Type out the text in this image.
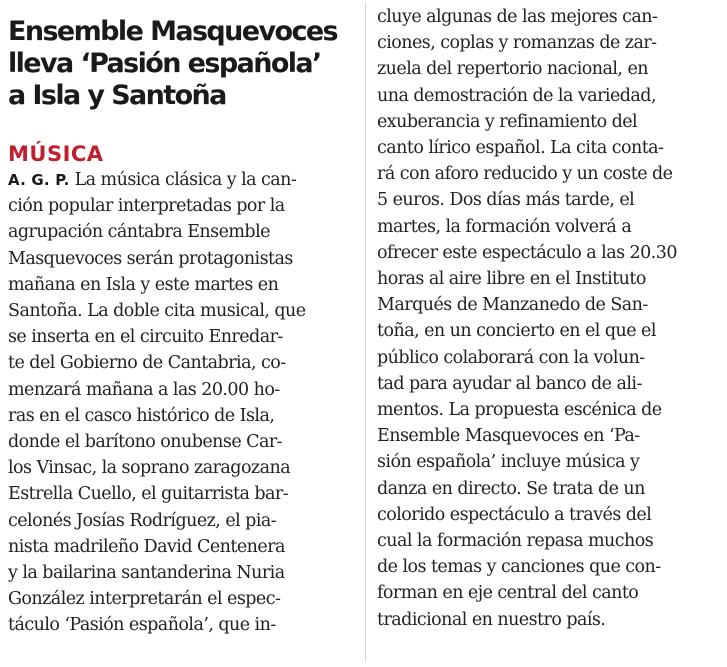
Ensemble Masquevoces
lleva ‘Pasión española’
a Isla y Santoña
MÚSICA
A. G. P. La música clásica y la can-
ción popular interpretadas por la
agrupación cántabra Ensemble
Masquevoces serán protagonistas
mañana en Isla y este martes en
Santoña. La doble cita musical, que
se inserta en el circuito Enredar-
te del Gobierno de Cantabria, co-
menzará mañana a las 20.00 ho-
ras en el casco histórico de Isla,
donde el barítono onubense Car-
los Vinsac, la soprano zaragozana
Estrella Cuello, el guitarrista bar-
celonés Josías Rodríguez, el pia-
nista madrileño David Centenera
y la bailarina santanderina Nuria
González interpretarán el espec-
táculo ‘Pasión española’, que in-
cluye algunas de las mejores can-
ciones, coplas y romanzas de zar-
zuela del repertorio nacional, en
una demostración de la variedad,
exuberancia y refinamiento del
canto lírico español. La cita conta-
rá con aforo reducido y un coste de
5 euros. Dos días más tarde, el
martes, la formación volverá a
ofrecer este espectáculo a las 20.30
horas al aire libre en el Instituto
Marqués de Manzanedo de San-
toña, en un concierto en el que el
público colaborará con la volun-
tad para ayudar al banco de ali-
mentos. La propuesta escénica de
Ensemble Masquevoces en ‘Pa-
sión española’ incluye música y
danza en directo. Se trata de un
colorido espectáculo a través del
cual la formación repasa muchos
de los temas y canciones que con-
forman en eje central del canto
tradicional en nuestro país.
